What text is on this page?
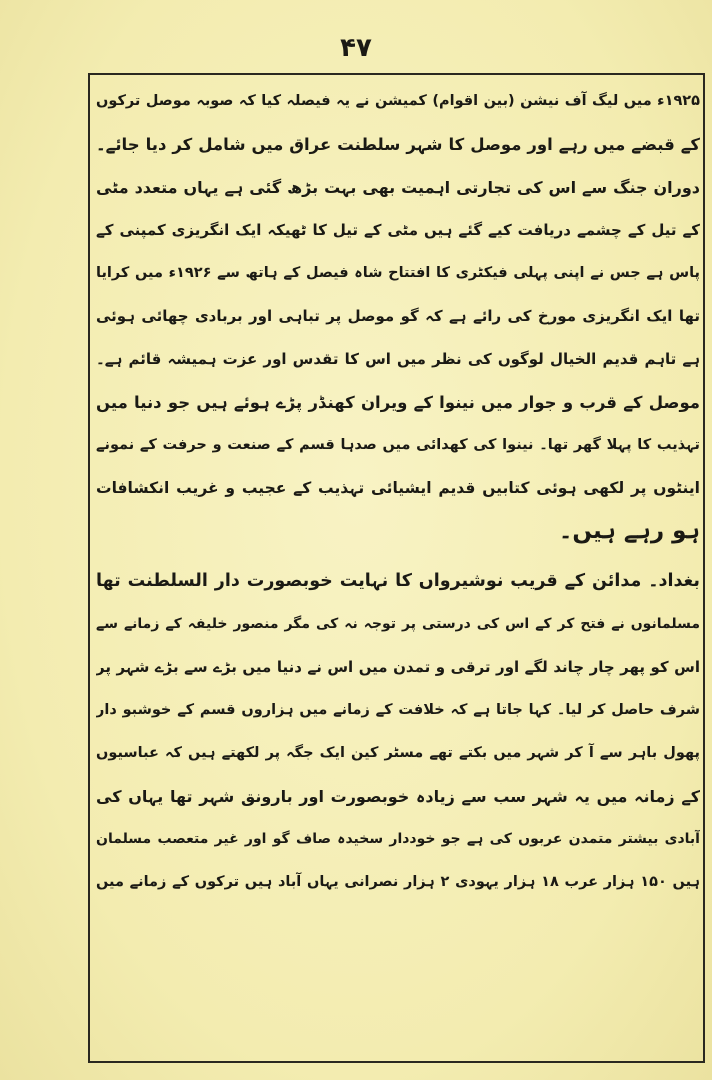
۴۷
۱۹۲۵ء میں لیگ آف نیشن (بین اقوام) کمیشن نے یہ فیصلہ کیا کہ صوبہ موصل ترکوں
کے قبضے میں رہے اور موصل کا شہر سلطنت عراق میں شامل کر دیا جائے۔
دوران جنگ سے اس کی تجارتی اہمیت بھی بہت بڑھ گئی ہے یہاں متعدد مٹی
کے تیل کے چشمے دریافت کیے گئے ہیں مٹی کے تیل کا ٹھیکہ ایک انگریزی کمپنی کے
پاس ہے جس نے اپنی پہلی فیکٹری کا افتتاح شاہ فیصل کے ہاتھ سے ۱۹۲۶ء میں کرایا
تھا ایک انگریزی مورخ کی رائے ہے کہ گو موصل پر تباہی اور بربادی چھائی ہوئی
ہے تاہم قدیم الخیال لوگوں کی نظر میں اس کا تقدس اور عزت ہمیشہ قائم ہے۔
موصل کے قرب و جوار میں نینوا کے ویران کھنڈر پڑے ہوئے ہیں جو دنیا میں
تہذیب کا پہلا گھر تھا۔ نینوا کی کھدائی میں صدہا قسم کے صنعت و حرفت کے نمونے
اینٹوں پر لکھی ہوئی کتابیں قدیم ایشیائی تہذیب کے عجیب و غریب انکشافات
ہو رہے ہیں۔
بغداد۔ مدائن کے قریب نوشیرواں کا نہایت خوبصورت دار السلطنت تھا
مسلمانوں نے فتح کر کے اس کی درستی پر توجہ نہ کی مگر منصور خلیفہ کے زمانے سے
اس کو پھر چار چاند لگے اور ترقی و تمدن میں اس نے دنیا میں بڑے سے بڑے شہر پر
شرف حاصل کر لیا۔ کہا جاتا ہے کہ خلافت کے زمانے میں ہزاروں قسم کے خوشبو دار
پھول باہر سے آ کر شہر میں بکتے تھے مسٹر کین ایک جگہ پر لکھتے ہیں کہ عباسیوں
کے زمانہ میں یہ شہر سب سے زیادہ خوبصورت اور بارونق شہر تھا یہاں کی
آبادی بیشتر متمدن عربوں کی ہے جو خوددار سخیدہ صاف گو اور غیر متعصب مسلمان
ہیں ۱۵۰ ہزار عرب ۱۸ ہزار یہودی ۲ ہزار نصرانی یہاں آباد ہیں ترکوں کے زمانے میں
